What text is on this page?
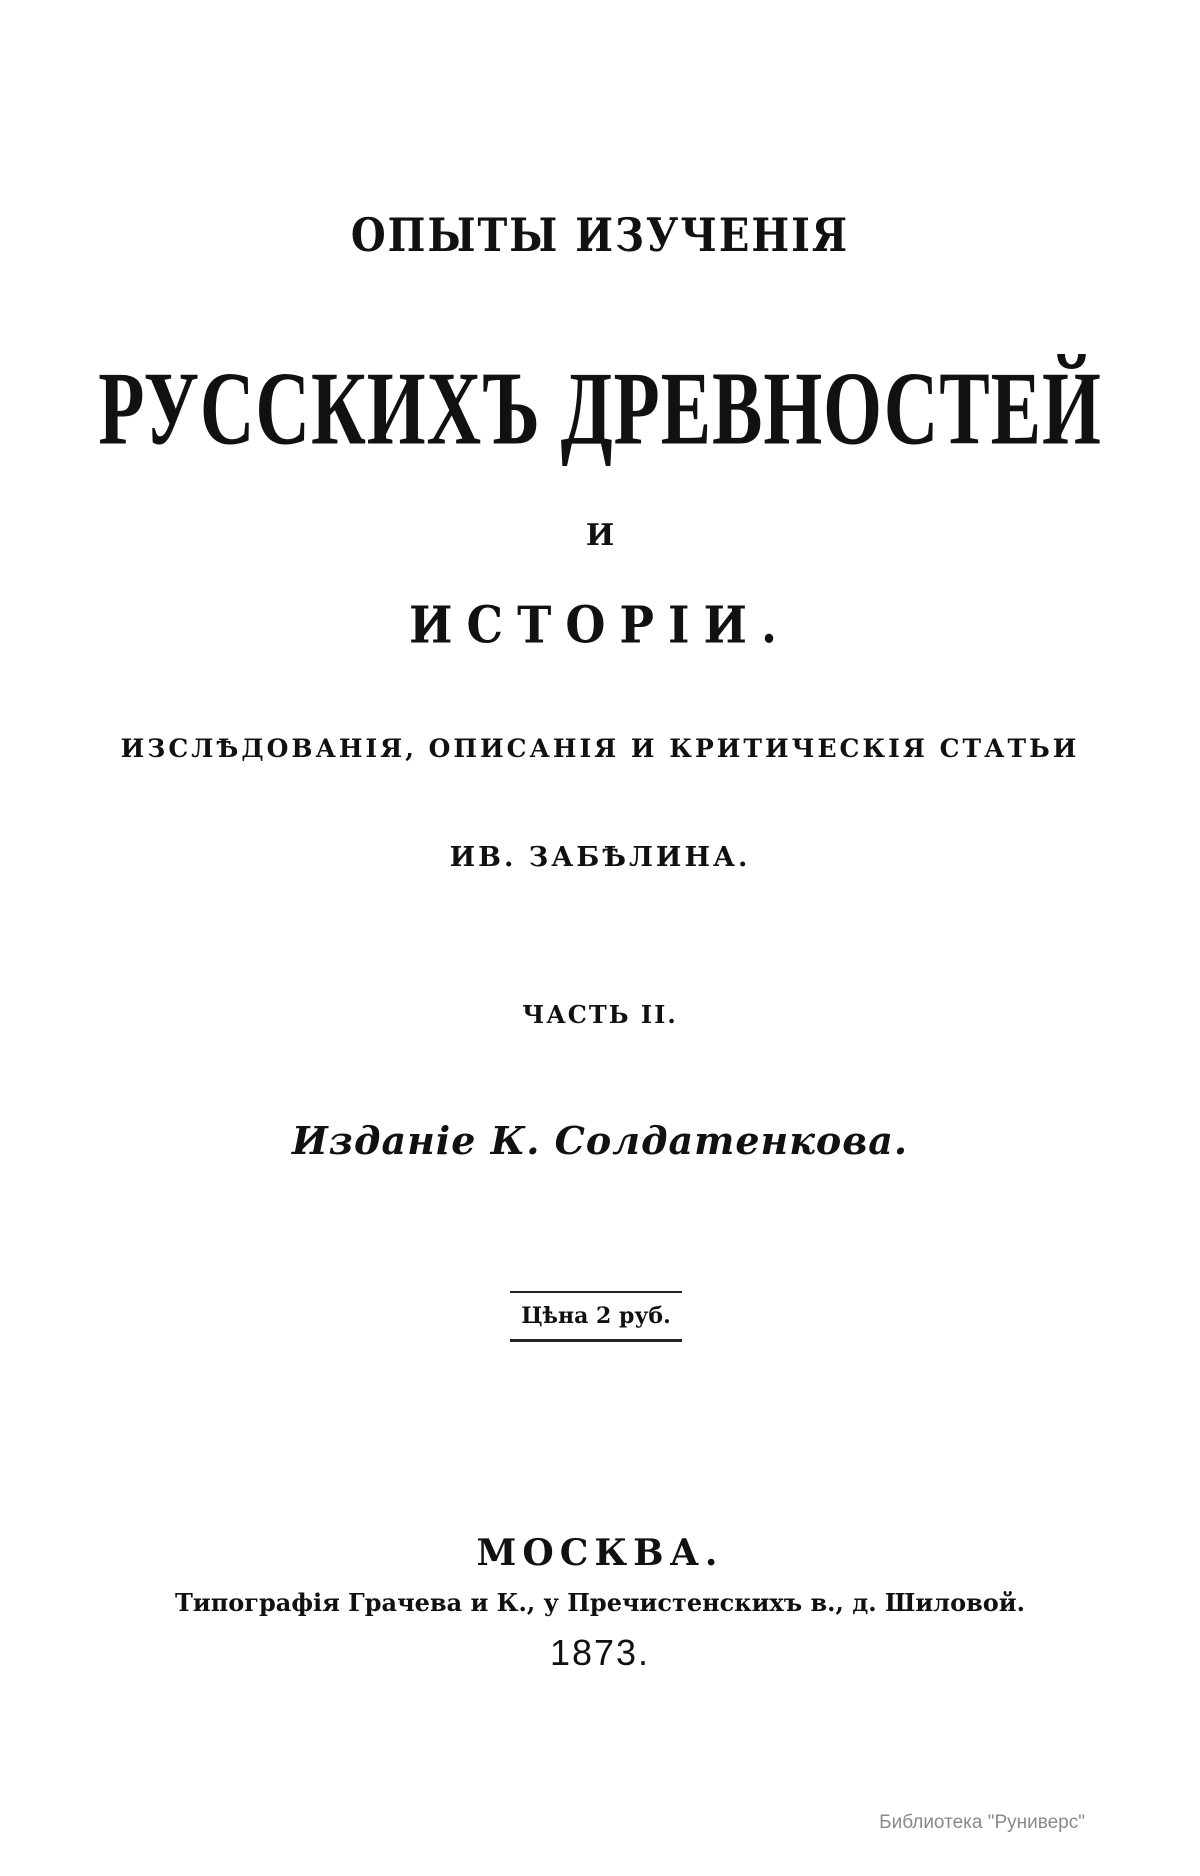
ОПЫТЫ ИЗУЧЕНIЯ
РУССКИХЪ ДРЕВНОСТЕЙ
И
ИСТОРIИ.
ИЗСЛѢДОВАНIЯ, ОПИСАНIЯ И КРИТИЧЕСКIЯ СТАТЬИ
ИВ. ЗАБѢЛИНА.
ЧАСТЬ II.
Изданiе К. Солдатенкова.
Цѣна 2 руб.
МОСКВА.
Типографiя Грачева и К., у Пречистенскихъ в., д. Шиловой.
1873.
Библиотека "Руниверс"
